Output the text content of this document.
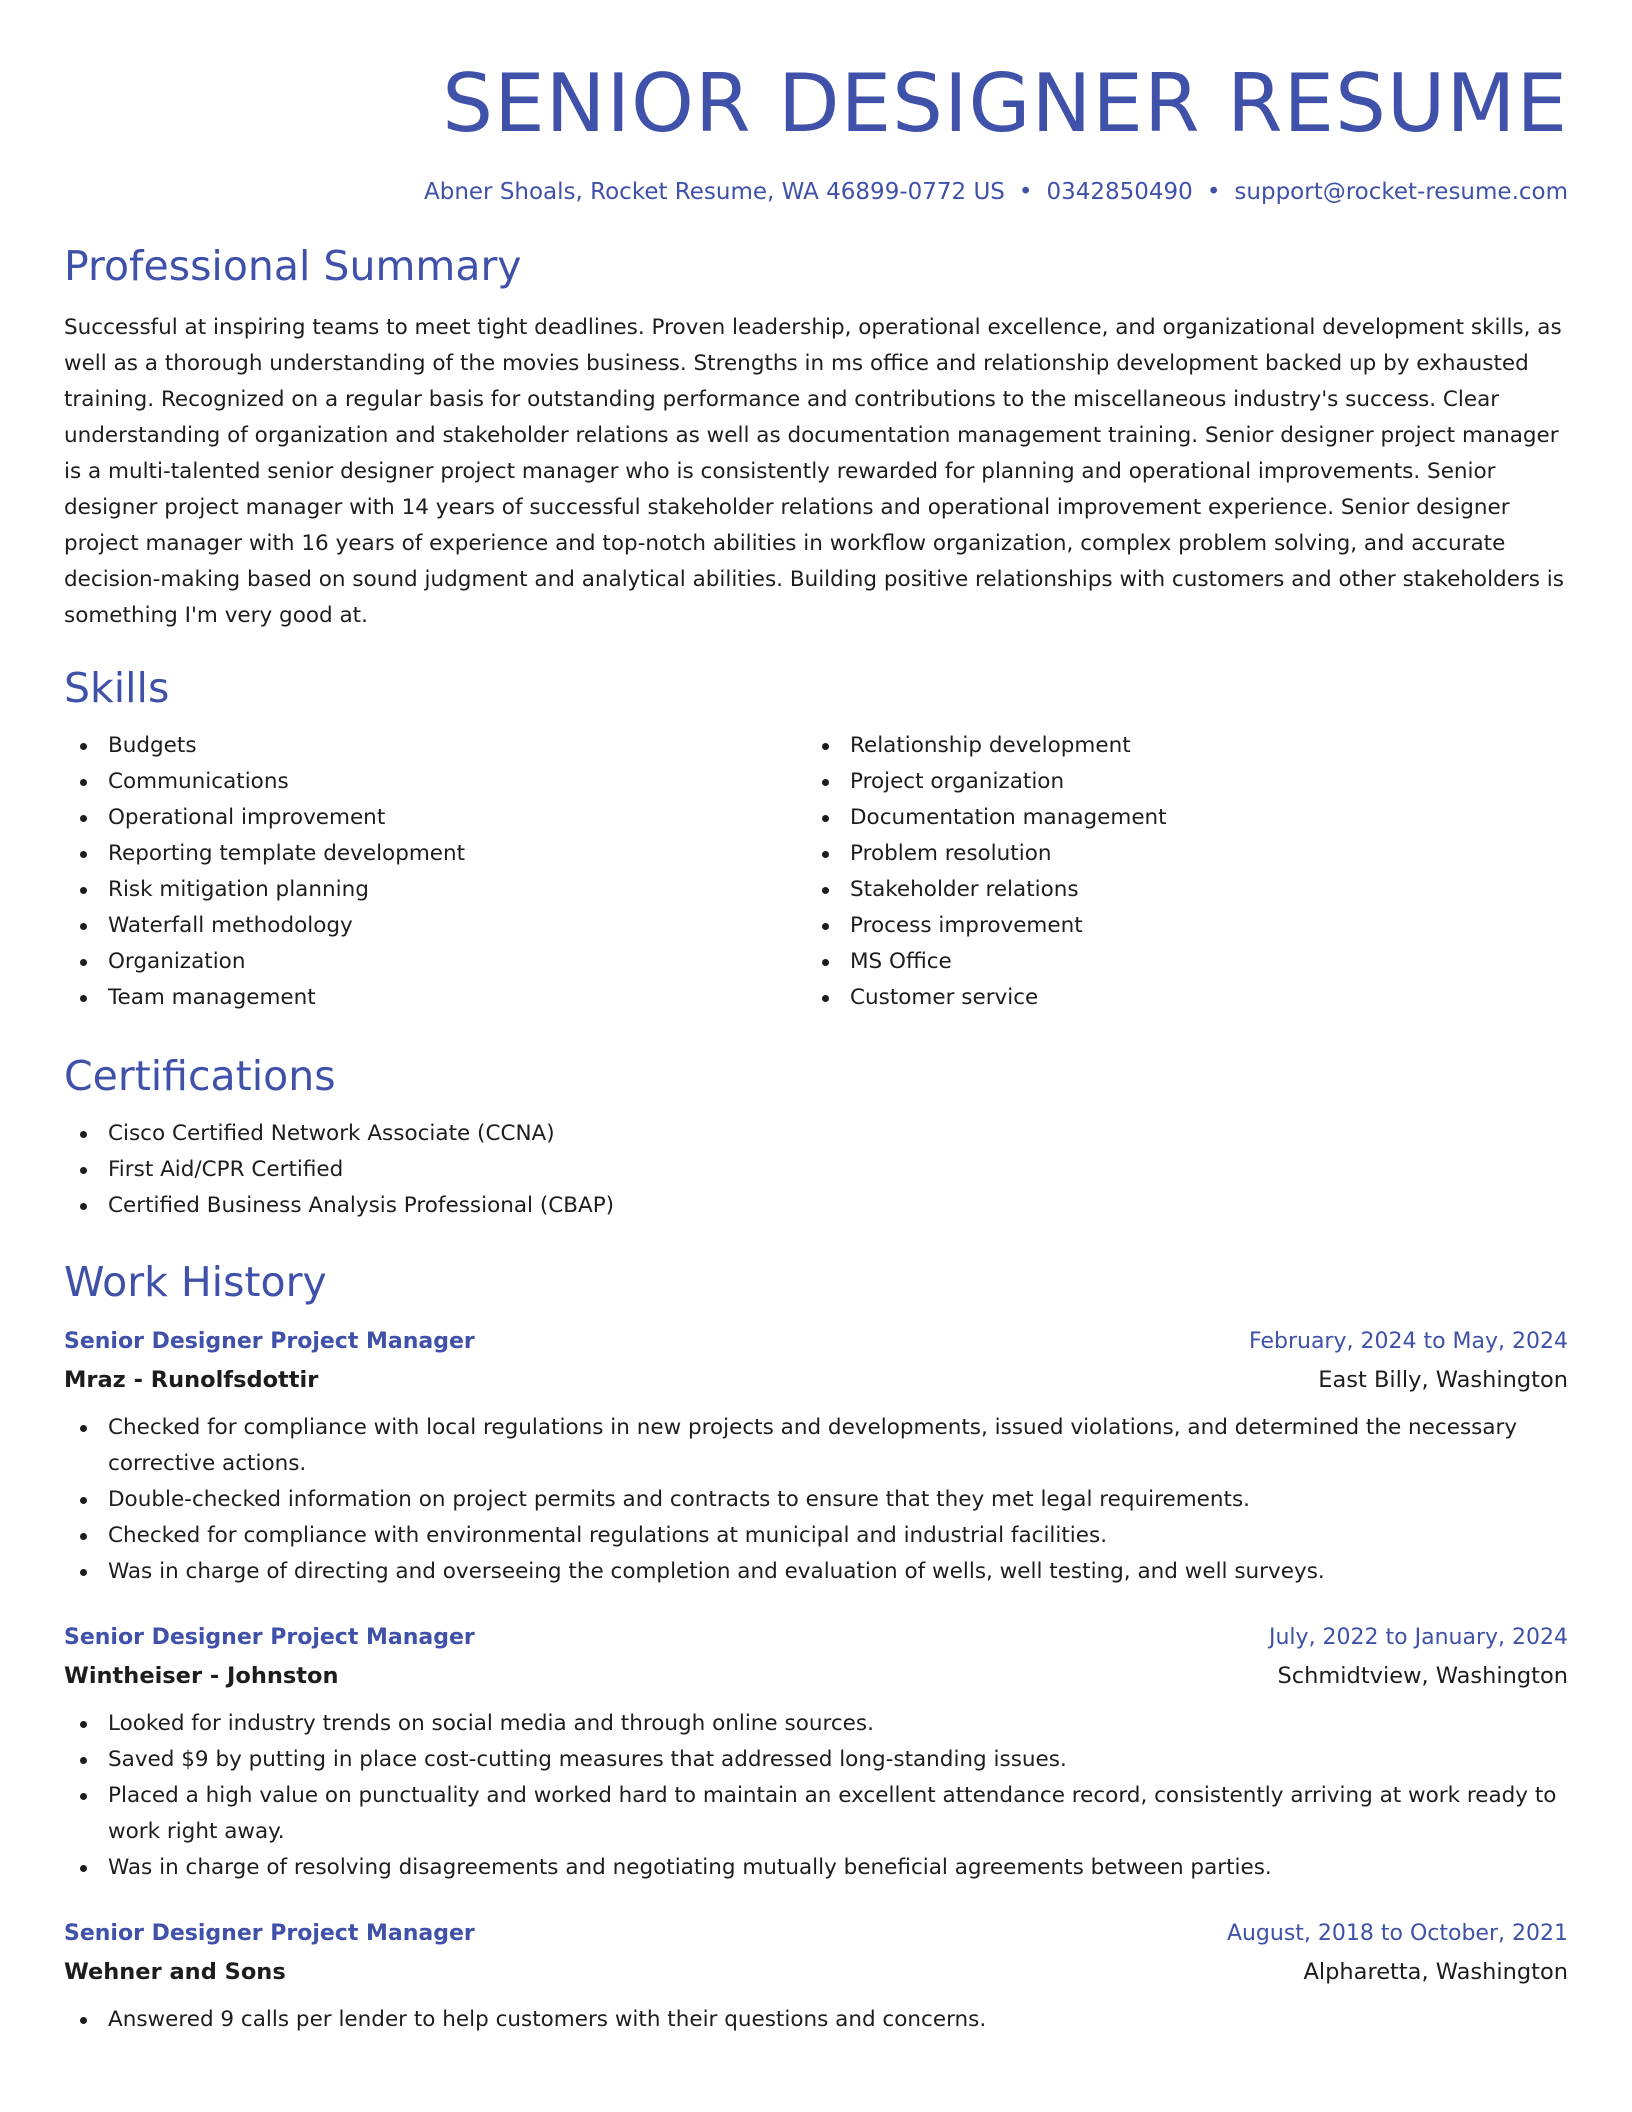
SENIOR DESIGNER RESUME
Abner Shoals, Rocket Resume, WA 46899-0772 US • 0342850490 • support@rocket-resume.com
Professional Summary

Successful at inspiring teams to meet tight deadlines. Proven leadership, operational excellence, and organizational development skills, as well as a thorough understanding of the movies business. Strengths in ms office and relationship development backed up by exhausted training. Recognized on a regular basis for outstanding performance and contributions to the miscellaneous industry's success. Clear understanding of organization and stakeholder relations as well as documentation management training. Senior designer project manager is a multi-talented senior designer project manager who is consistently rewarded for planning and operational improvements. Senior designer project manager with 14 years of successful stakeholder relations and operational improvement experience. Senior designer project manager with 16 years of experience and top-notch abilities in workflow organization, complex problem solving, and accurate decision-making based on sound judgment and analytical abilities. Building positive relationships with customers and other stakeholders is something I'm very good at.

Skills
Budgets
Communications
Operational improvement
Reporting template development
Risk mitigation planning
Waterfall methodology
Organization
Team management
Relationship development
Project organization
Documentation management
Problem resolution
Stakeholder relations
Process improvement
MS Office
Customer service
Certifications
Cisco Certified Network Associate (CCNA)
First Aid/CPR Certified
Certified Business Analysis Professional (CBAP)
Work History
Senior Designer Project Manager	February, 2024 to May, 2024
Mraz - Runolfsdottir	East Billy, Washington
Checked for compliance with local regulations in new projects and developments, issued violations, and determined the necessary corrective actions.
Double-checked information on project permits and contracts to ensure that they met legal requirements.
Checked for compliance with environmental regulations at municipal and industrial facilities.
Was in charge of directing and overseeing the completion and evaluation of wells, well testing, and well surveys.
Senior Designer Project Manager	July, 2022 to January, 2024
Wintheiser - Johnston	Schmidtview, Washington
Looked for industry trends on social media and through online sources.
Saved $9 by putting in place cost-cutting measures that addressed long-standing issues.
Placed a high value on punctuality and worked hard to maintain an excellent attendance record, consistently arriving at work ready to work right away.
Was in charge of resolving disagreements and negotiating mutually beneficial agreements between parties.
Senior Designer Project Manager	August, 2018 to October, 2021
Wehner and Sons	Alpharetta, Washington
Answered 9 calls per lender to help customers with their questions and concerns.
